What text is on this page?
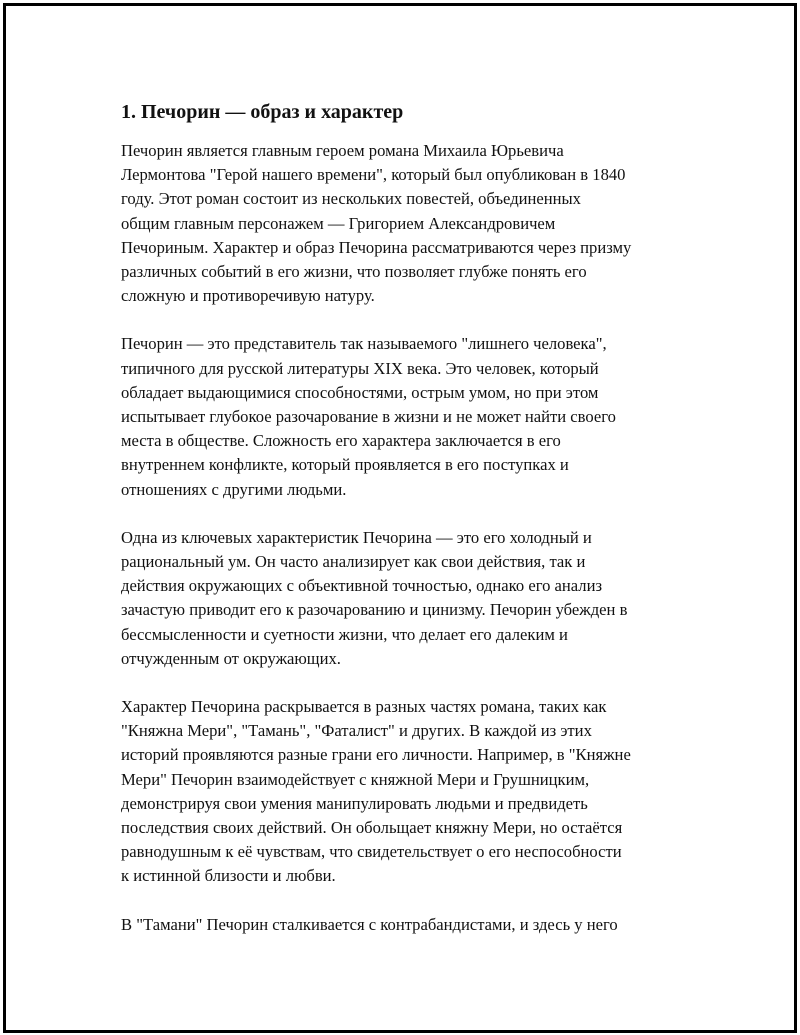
1. Печорин — образ и характер

Печорин является главным героем романа Михаила Юрьевича
Лермонтова "Герой нашего времени", который был опубликован в 1840
году. Этот роман состоит из нескольких повестей, объединенных
общим главным персонажем — Григорием Александровичем
Печориным. Характер и образ Печорина рассматриваются через призму
различных событий в его жизни, что позволяет глубже понять его
сложную и противоречивую натуру.

Печорин — это представитель так называемого "лишнего человека",
типичного для русской литературы XIX века. Это человек, который
обладает выдающимися способностями, острым умом, но при этом
испытывает глубокое разочарование в жизни и не может найти своего
места в обществе. Сложность его характера заключается в его
внутреннем конфликте, который проявляется в его поступках и
отношениях с другими людьми.

Одна из ключевых характеристик Печорина — это его холодный и
рациональный ум. Он часто анализирует как свои действия, так и
действия окружающих с объективной точностью, однако его анализ
зачастую приводит его к разочарованию и цинизму. Печорин убежден в
бессмысленности и суетности жизни, что делает его далеким и
отчужденным от окружающих.

Характер Печорина раскрывается в разных частях романа, таких как
"Княжна Мери", "Тамань", "Фаталист" и других. В каждой из этих
историй проявляются разные грани его личности. Например, в "Княжне
Мери" Печорин взаимодействует с княжной Мери и Грушницким,
демонстрируя свои умения манипулировать людьми и предвидеть
последствия своих действий. Он обольщает княжну Мери, но остаётся
равнодушным к её чувствам, что свидетельствует о его неспособности
к истинной близости и любви.

В "Тамани" Печорин сталкивается с контрабандистами, и здесь у него
